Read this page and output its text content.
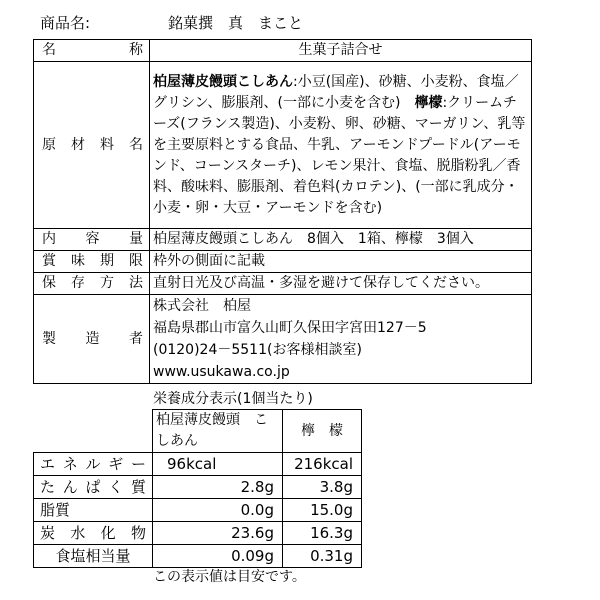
商品名:	銘菓撰　真　まこと
名　　称	生菓子詰合せ
原材料名	柏屋薄皮饅頭こしあん:小豆(国産)、砂糖、小麦粉、食塩／グリシン、膨脹剤、(一部に小麦を含む)　檸檬:クリームチーズ(フランス製造)、小麦粉、卵、砂糖、マーガリン、乳等を主要原料とする食品、牛乳、アーモンドプードル(アーモンド、コーンスターチ)、レモン果汁、食塩、脱脂粉乳／香料、酸味料、膨脹剤、着色料(カロテン)、(一部に乳成分・小麦・卵・大豆・アーモンドを含む)
内容量	柏屋薄皮饅頭こしあん　8個入　1箱、檸檬　3個入
賞味期限	枠外の側面に記載
保存方法	直射日光及び高温・多湿を避けて保存してください。
製造者	株式会社　柏屋
福島県郡山市富久山町久保田字宮田127－5
(0120)24－5511(お客様相談室)
www.usukawa.co.jp
栄養成分表示(1個当たり)
	柏屋薄皮饅頭　こしあん	檸　檬
エネルギー	96kcal	216kcal
たんぱく質	2.8g	3.8g
脂質	0.0g	15.0g
炭水化物	23.6g	16.3g
食塩相当量	0.09g	0.31g
この表示値は目安です。
